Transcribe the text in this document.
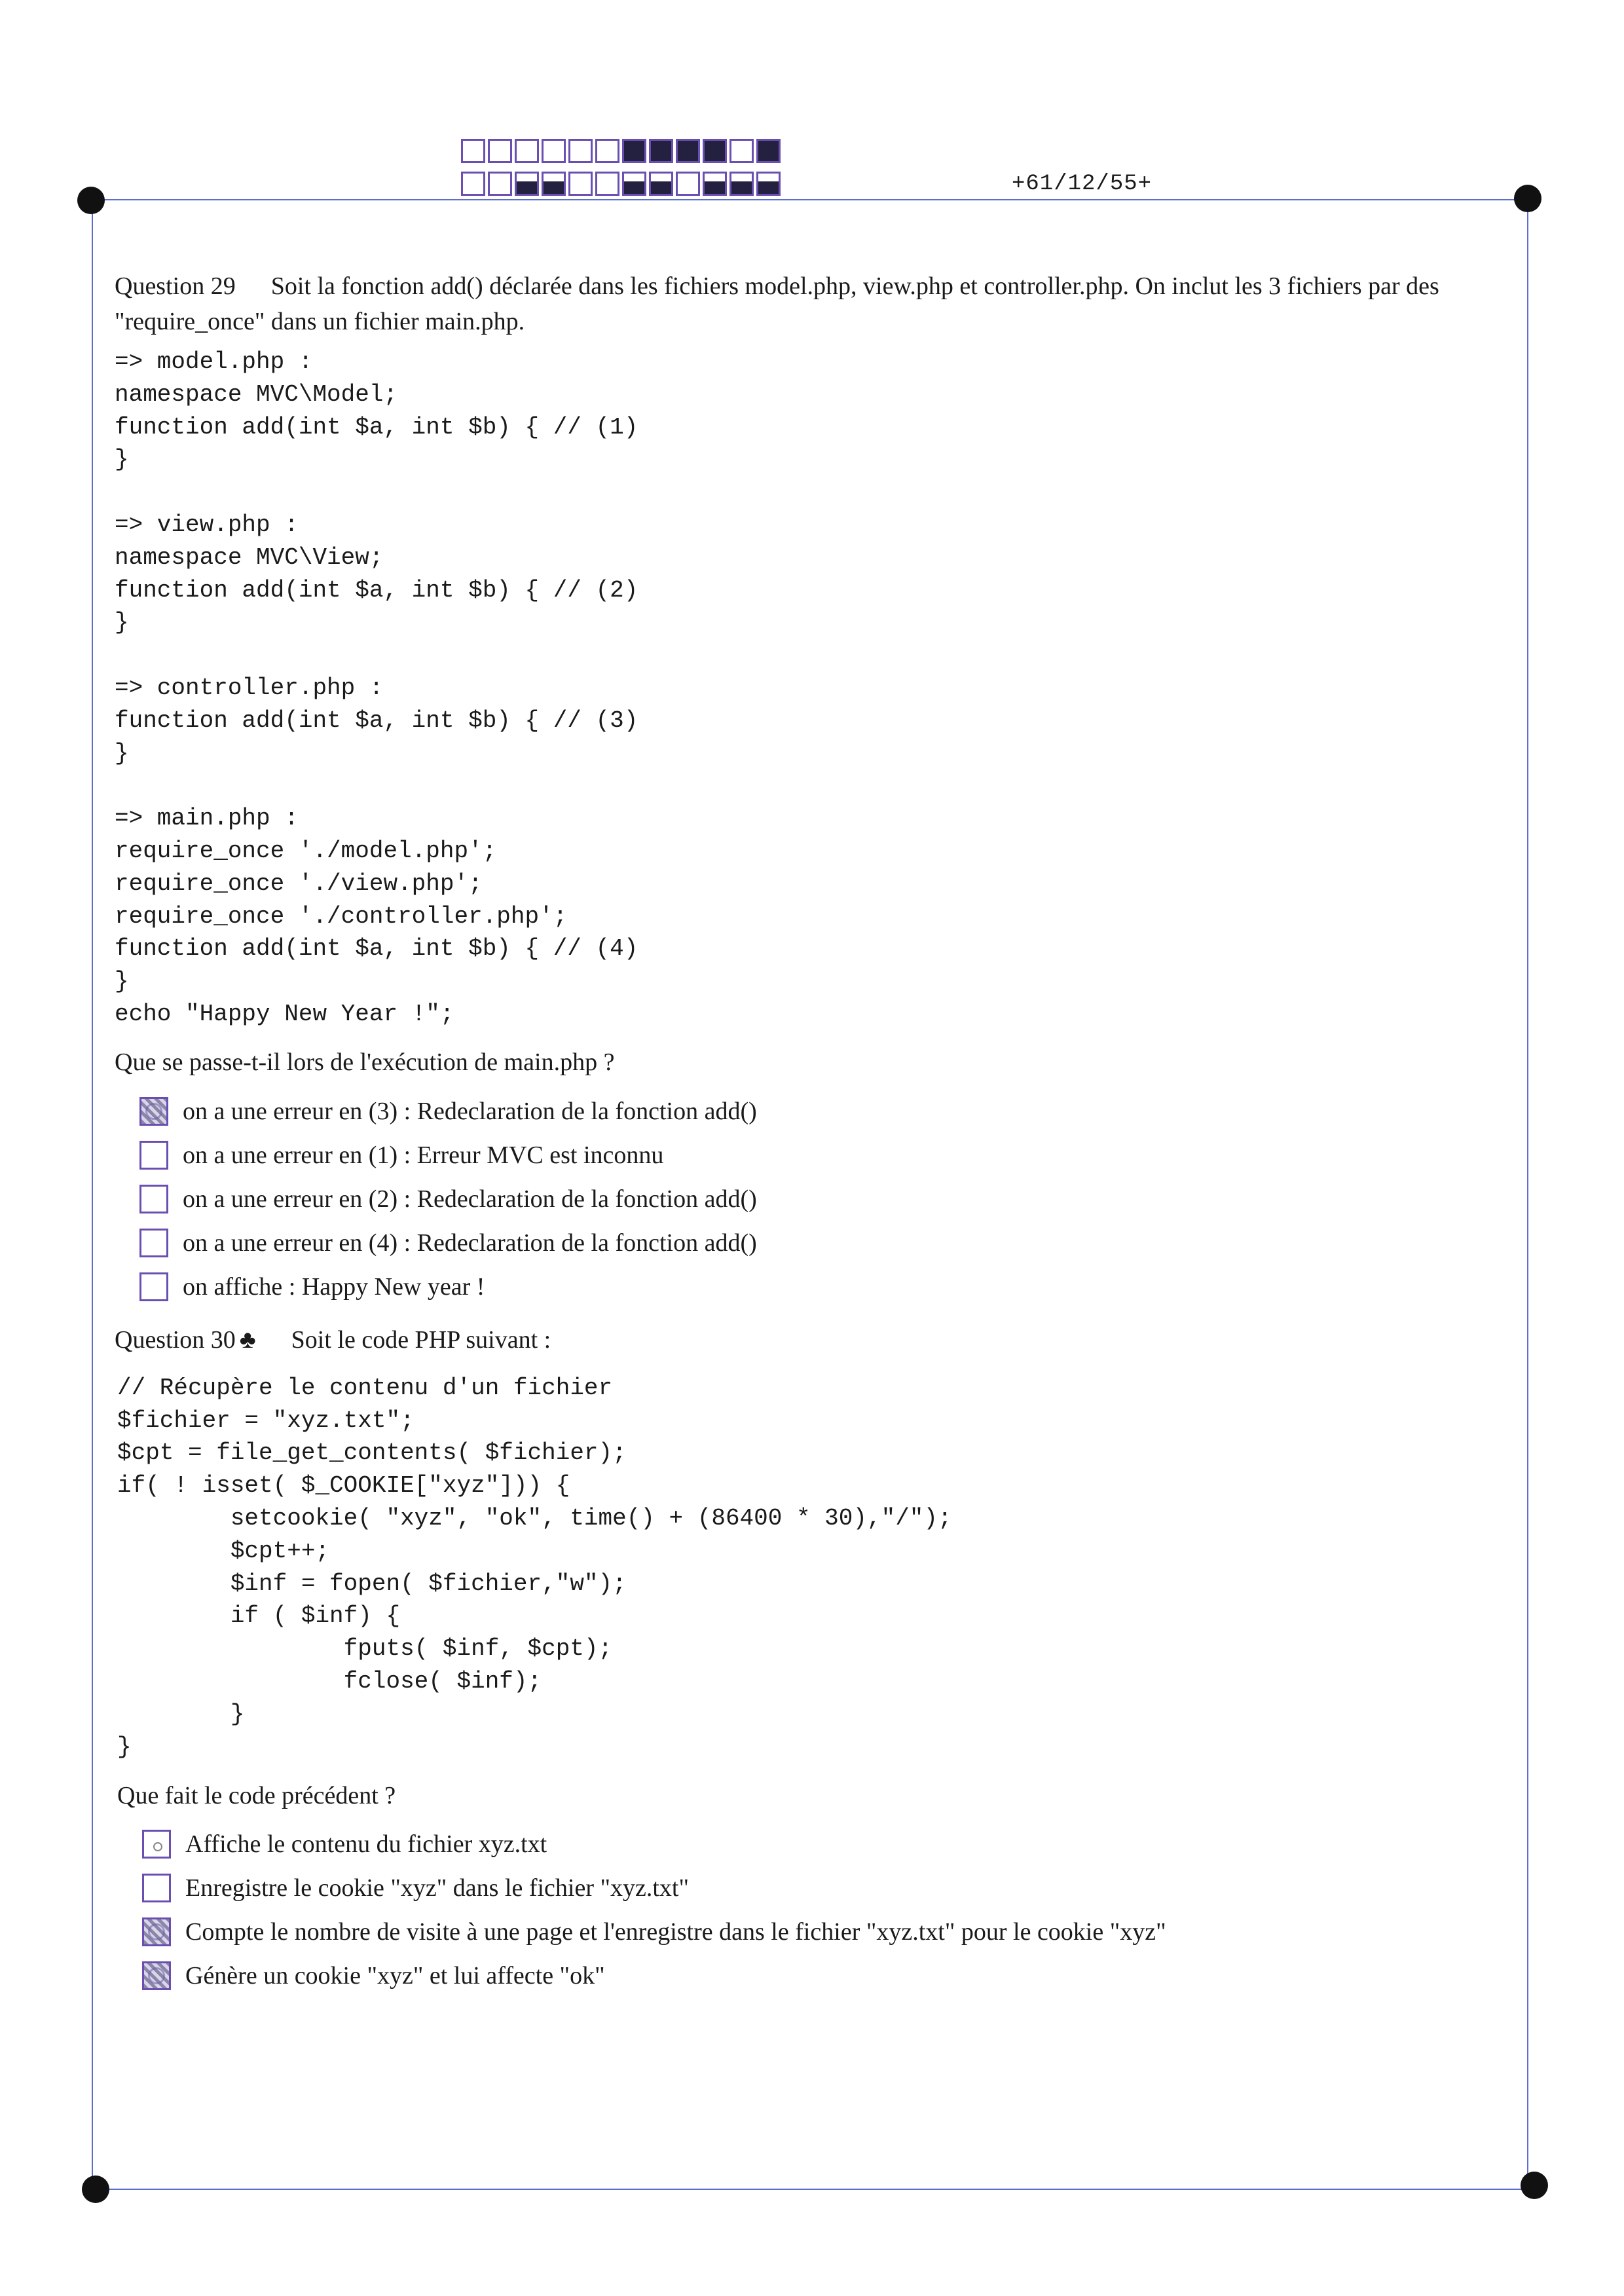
+61/12/55+

Question 29 Soit la fonction add() déclarée dans les fichiers model.php, view.php et controller.php. On inclut les 3 fichiers par des "require_once" dans un fichier main.php.

=> model.php :
namespace MVC\Model;
function add(int $a, int $b) { // (1)
}

=> view.php :
namespace MVC\View;
function add(int $a, int $b) { // (2)
}

=> controller.php :
function add(int $a, int $b) { // (3)
}

=> main.php :
require_once './model.php';
require_once './view.php';
require_once './controller.php';
function add(int $a, int $b) { // (4)
}
echo "Happy New Year !";

Que se passe-t-il lors de l'exécution de main.php ?

on a une erreur en (3) : Redeclaration de la fonction add()
on a une erreur en (1) : Erreur MVC est inconnu
on a une erreur en (2) : Redeclaration de la fonction add()
on a une erreur en (4) : Redeclaration de la fonction add()
on affiche : Happy New year !

Question 30 ♣ Soit le code PHP suivant :

// Récupère le contenu d'un fichier
$fichier = "xyz.txt";
$cpt = file_get_contents( $fichier);
if( ! isset( $_COOKIE["xyz"])) {
setcookie( "xyz", "ok", time() + (86400 * 30),"/");
$cpt++;
$inf = fopen( $fichier,"w");
if ( $inf) {
fputs( $inf, $cpt);
fclose( $inf);
}
}

Que fait le code précédent ?

Affiche le contenu du fichier xyz.txt
Enregistre le cookie "xyz" dans le fichier "xyz.txt"
Compte le nombre de visite à une page et l'enregistre dans le fichier "xyz.txt" pour le cookie "xyz"
Génère un cookie "xyz" et lui affecte "ok"
